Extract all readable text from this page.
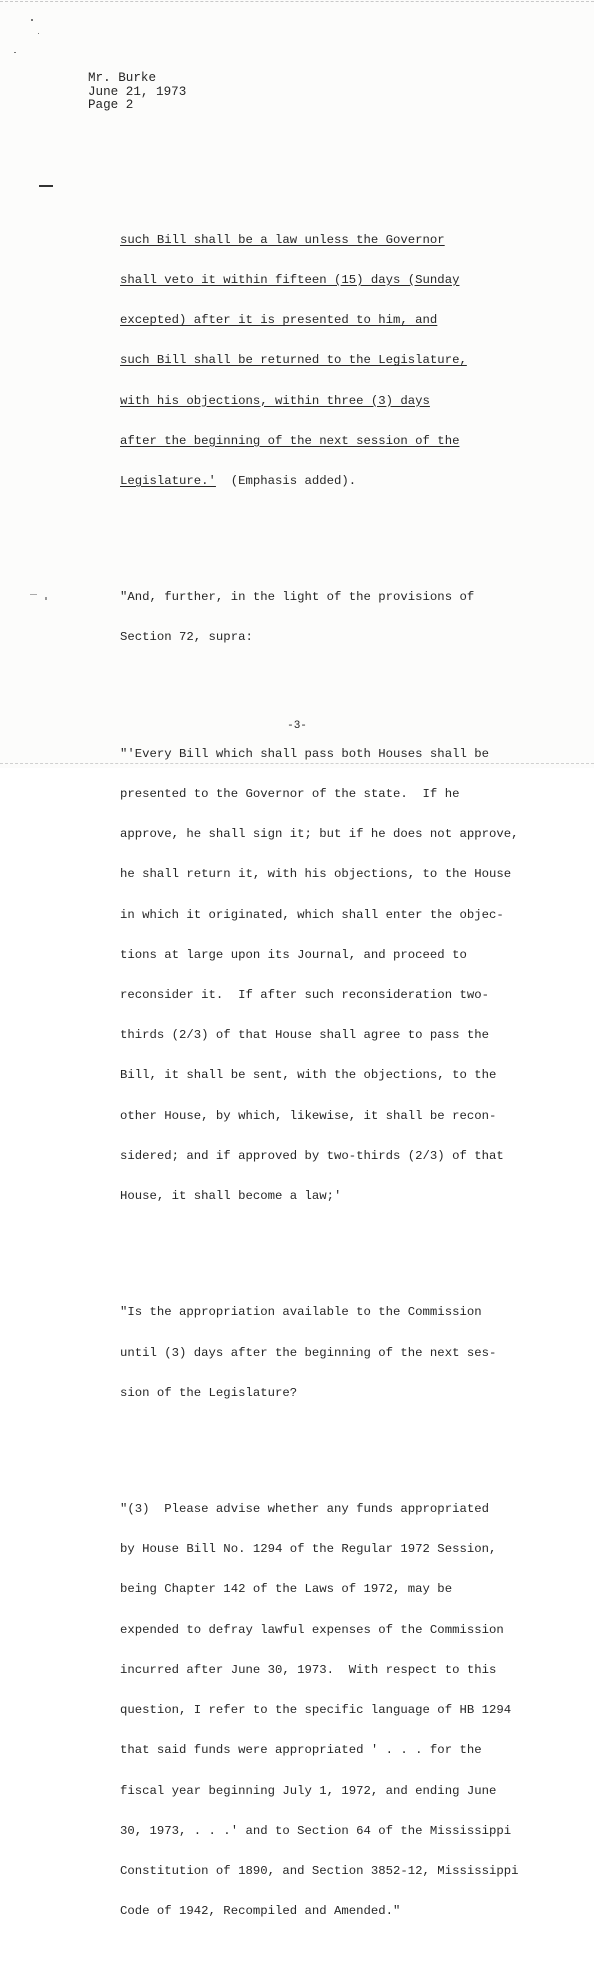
Mr. Burke
June 21, 1973
Page 2

such Bill shall be a law unless the Governor

shall veto it within fifteen (15) days (Sunday

excepted) after it is presented to him, and

such Bill shall be returned to the Legislature,

with his objections, within three (3) days

after the beginning of the next session of the

Legislature.'  (Emphasis added).

"And, further, in the light of the provisions of

Section 72, supra:

"'Every Bill which shall pass both Houses shall be

presented to the Governor of the state.  If he

approve, he shall sign it; but if he does not approve,

he shall return it, with his objections, to the House

in which it originated, which shall enter the objec-

tions at large upon its Journal, and proceed to

reconsider it.  If after such reconsideration two-

thirds (2/3) of that House shall agree to pass the

Bill, it shall be sent, with the objections, to the

other House, by which, likewise, it shall be recon-

sidered; and if approved by two-thirds (2/3) of that

House, it shall become a law;'

"Is the appropriation available to the Commission

until (3) days after the beginning of the next ses-

sion of the Legislature?

"(3)  Please advise whether any funds appropriated

by House Bill No. 1294 of the Regular 1972 Session,

being Chapter 142 of the Laws of 1972, may be

expended to defray lawful expenses of the Commission

incurred after June 30, 1973.  With respect to this

question, I refer to the specific language of HB 1294

that said funds were appropriated ' . . . for the

fiscal year beginning July 1, 1972, and ending June

30, 1973, . . .' and to Section 64 of the Mississippi

Constitution of 1890, and Section 3852-12, Mississippi

Code of 1942, Recompiled and Amended."

-3-
